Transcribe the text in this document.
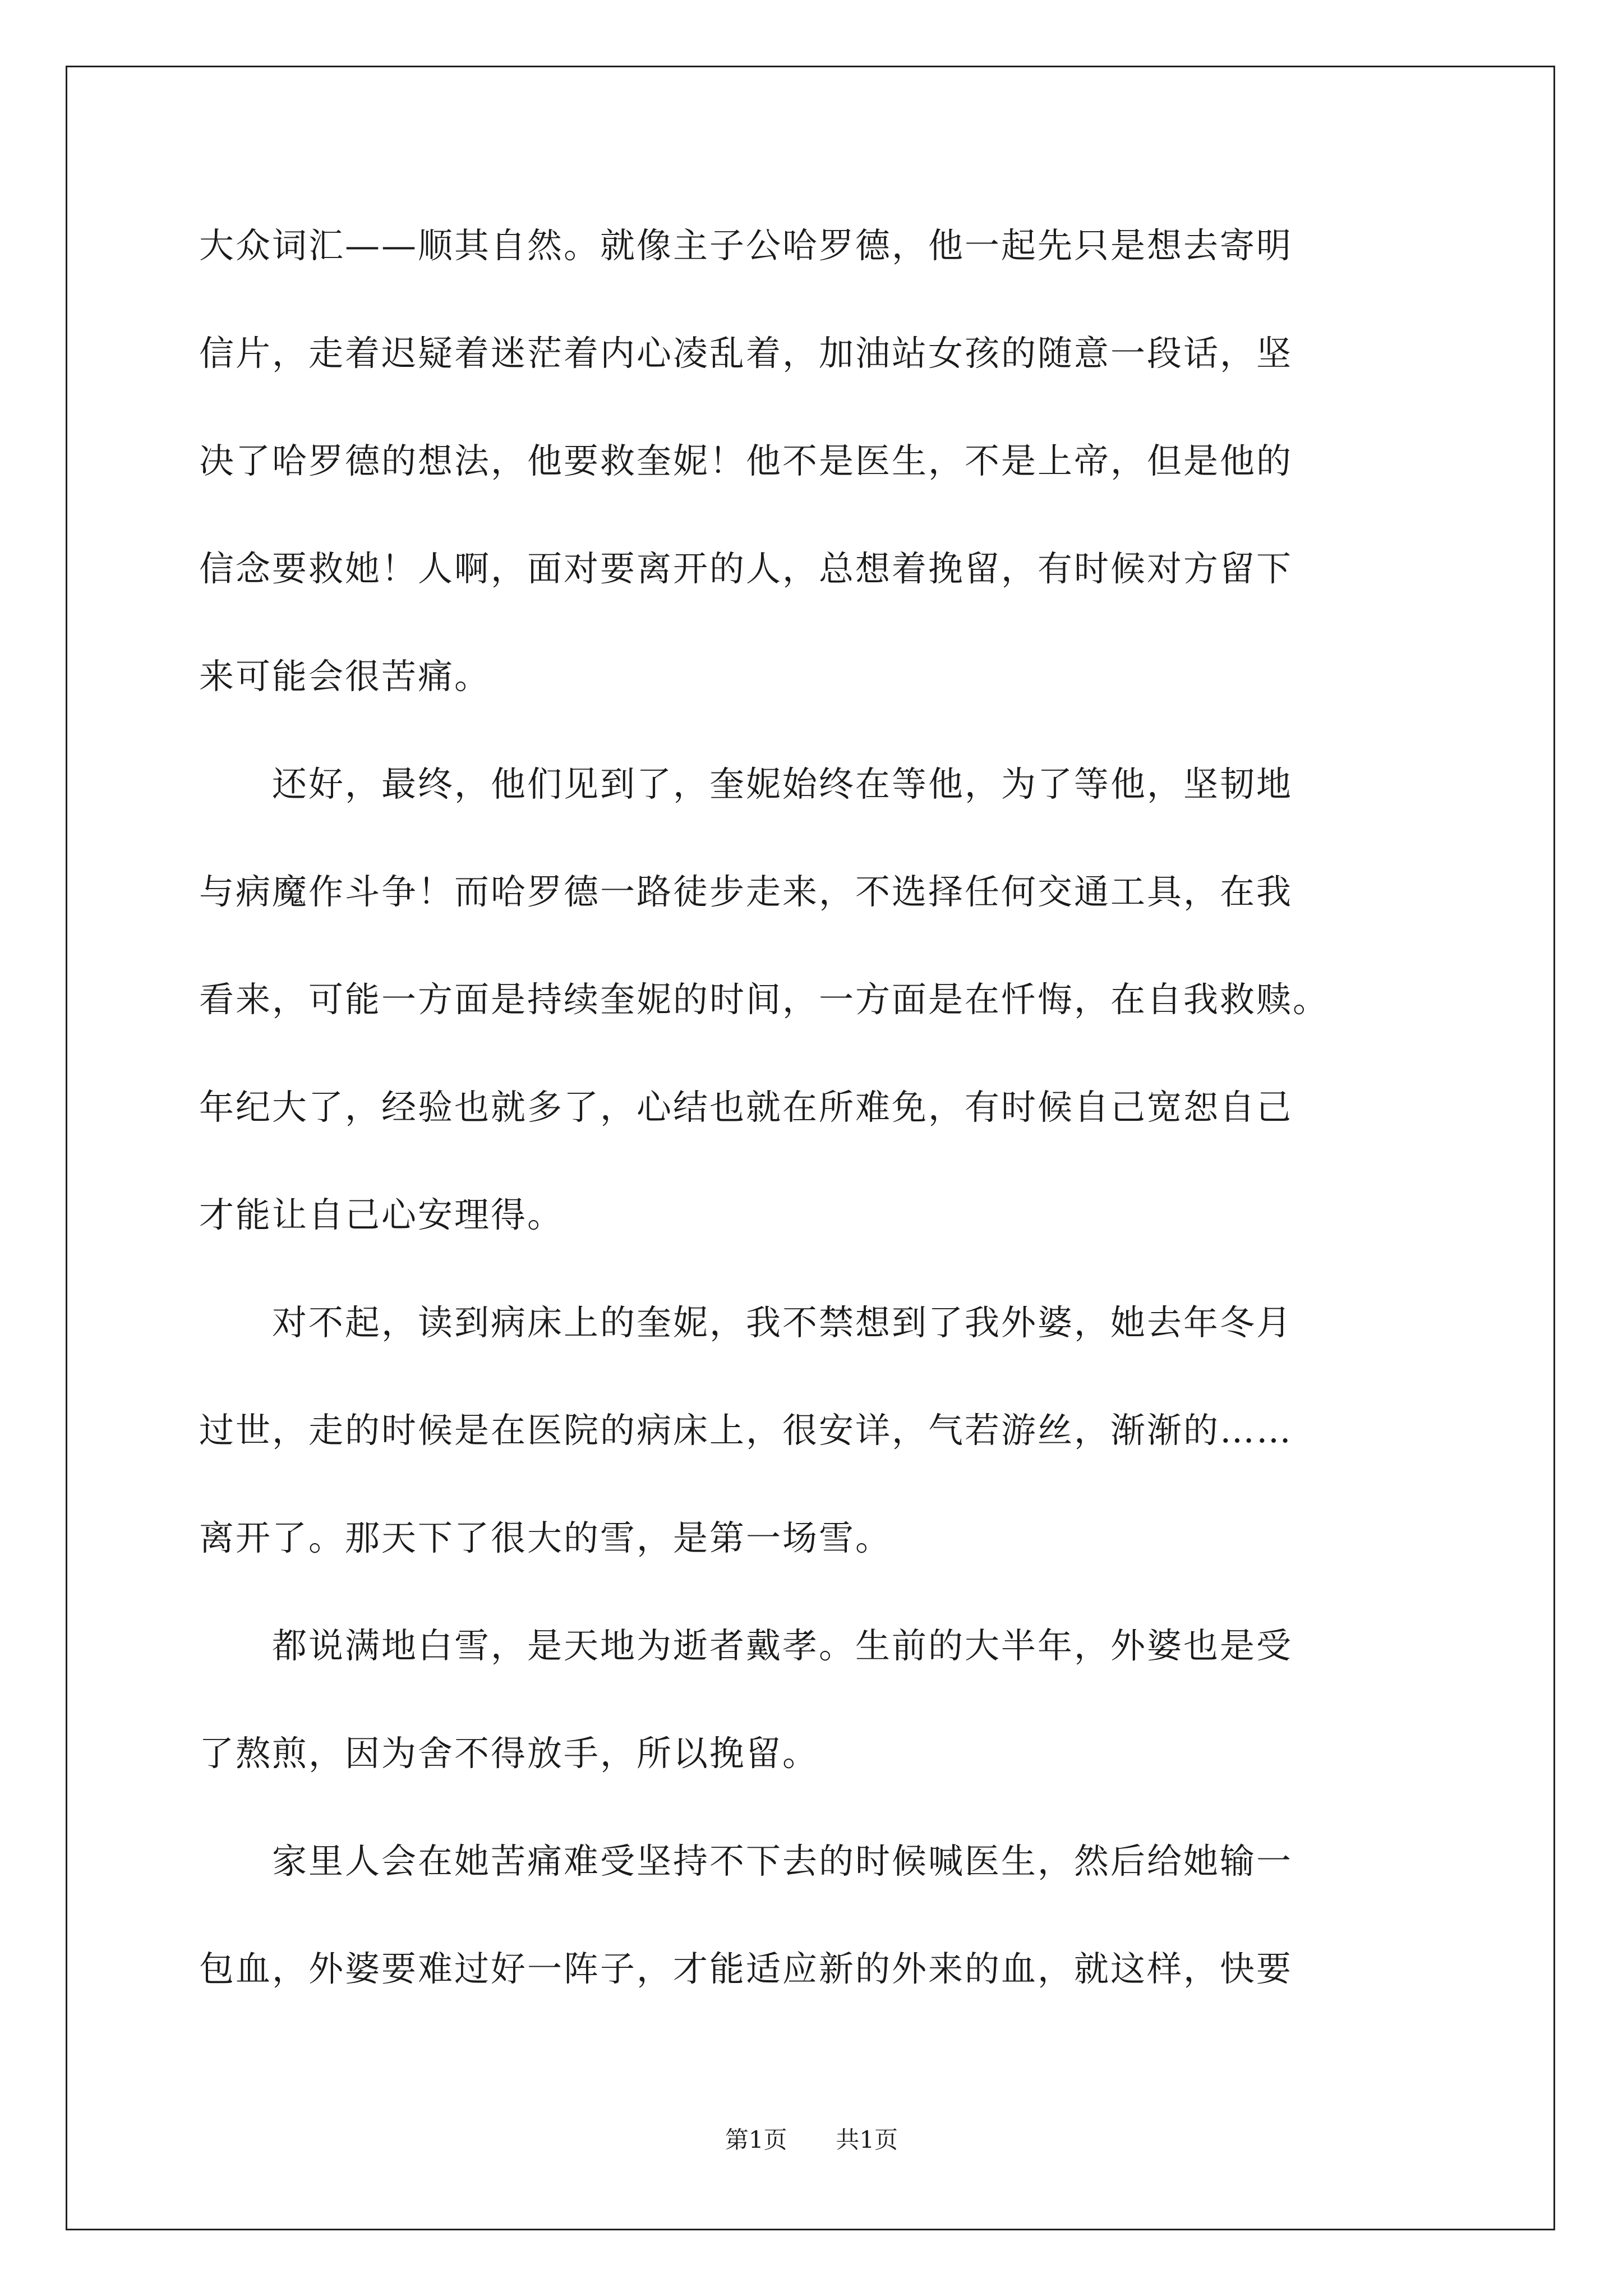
大众词汇——顺其自然。就像主子公哈罗德，他一起先只是想去寄明
信片，走着迟疑着迷茫着内心凌乱着，加油站女孩的随意一段话，坚
决了哈罗德的想法，他要救奎妮！他不是医生，不是上帝，但是他的
信念要救她！人啊，面对要离开的人，总想着挽留，有时候对方留下
来可能会很苦痛。
　　还好，最终，他们见到了，奎妮始终在等他，为了等他，坚韧地
与病魔作斗争！而哈罗德一路徒步走来，不选择任何交通工具，在我
看来，可能一方面是持续奎妮的时间，一方面是在忏悔，在自我救赎。
年纪大了，经验也就多了，心结也就在所难免，有时候自己宽恕自己
才能让自己心安理得。
　　对不起，读到病床上的奎妮，我不禁想到了我外婆，她去年冬月
过世，走的时候是在医院的病床上，很安详，气若游丝，渐渐的……
离开了。那天下了很大的雪，是第一场雪。
　　都说满地白雪，是天地为逝者戴孝。生前的大半年，外婆也是受
了熬煎，因为舍不得放手，所以挽留。
　　家里人会在她苦痛难受坚持不下去的时候喊医生，然后给她输一
包血，外婆要难过好一阵子，才能适应新的外来的血，就这样，快要
第1页 共1页
